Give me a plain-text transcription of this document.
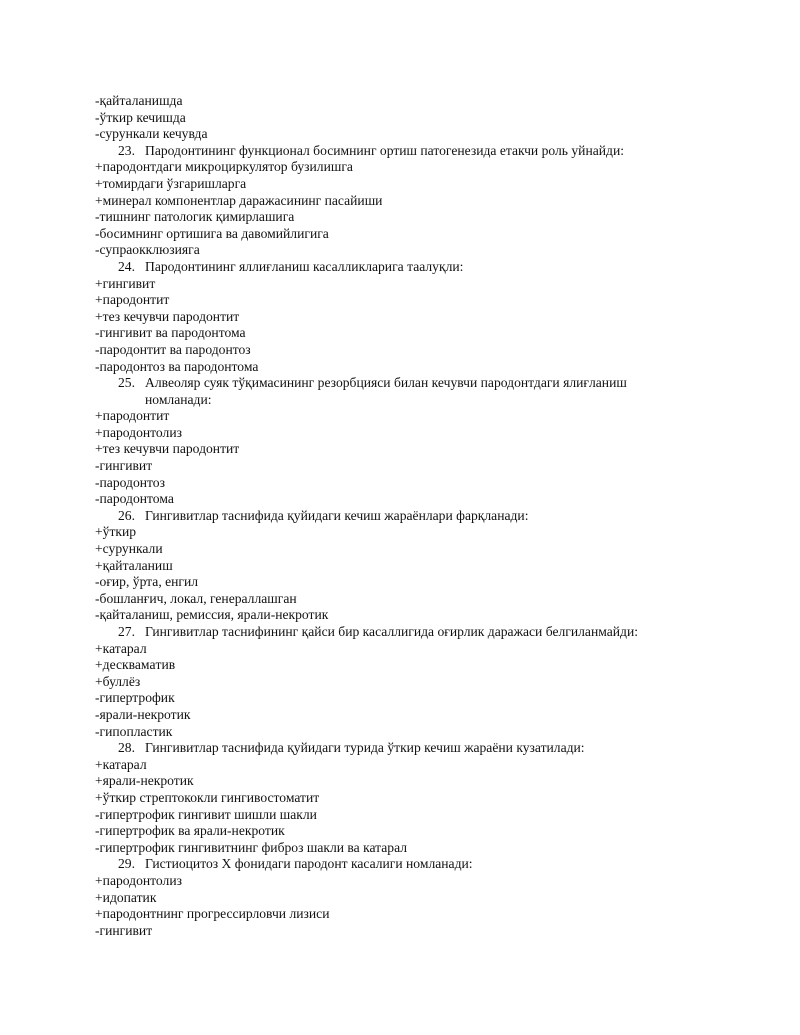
-қайталанишда
-ўткир кечишда
-сурункали кечувда
23. Пародонтининг функционал босимнинг ортиш патогенезида етакчи роль уйнайди:
+пародонтдаги микроциркулятор бузилишга
+томирдаги ўзгаришларга
+минерал компонентлар даражасининг пасайиши
-тишнинг патологик қимирлашига
-босимнинг ортишига ва давомийлигига
-супраокклюзияга
24. Пародонтининг яллиғланиш касалликларига таалуқли:
+гингивит
+пародонтит
+тез кечувчи пародонтит
-гингивит ва пародонтома
-пародонтит ва пародонтоз
-пародонтоз ва пародонтома
25. Алвеоляр суяк тўқимасининг резорбцияси билан кечувчи пародонтдаги ялиғланиш номланади:
+пародонтит
+пародонтолиз
+тез кечувчи пародонтит
-гингивит
-пародонтоз
-пародонтома
26. Гингивитлар таснифида қуйидаги кечиш жараёнлари фарқланади:
+ўткир
+сурункали
+қайталаниш
-оғир, ўрта, енгил
-бошланғич, локал, генераллашган
-қайталаниш, ремиссия, ярали-некротик
27. Гингивитлар таснифининг қайси бир касаллигида оғирлик даражаси белгиланмайди:
+катарал
+десквамaтив
+буллёз
-гипертрофик
-ярали-некротик
-гипопластик
28. Гингивитлар таснифида қуйидаги турида ўткир кечиш жараёни кузатилади:
+катарал
+ярали-некротик
+ўткир стрептококли гингивостоматит
-гипертрофик гингивит шишли шакли
-гипертрофик ва ярали-некротик
-гипертрофик гингивитнинг фиброз шакли ва катарал
29. Гистиоцитоз Х фонидаги пародонт касалиги номланади:
+пародонтолиз
+идопатик
+пародонтнинг прогрессирловчи лизиси
-гингивит
